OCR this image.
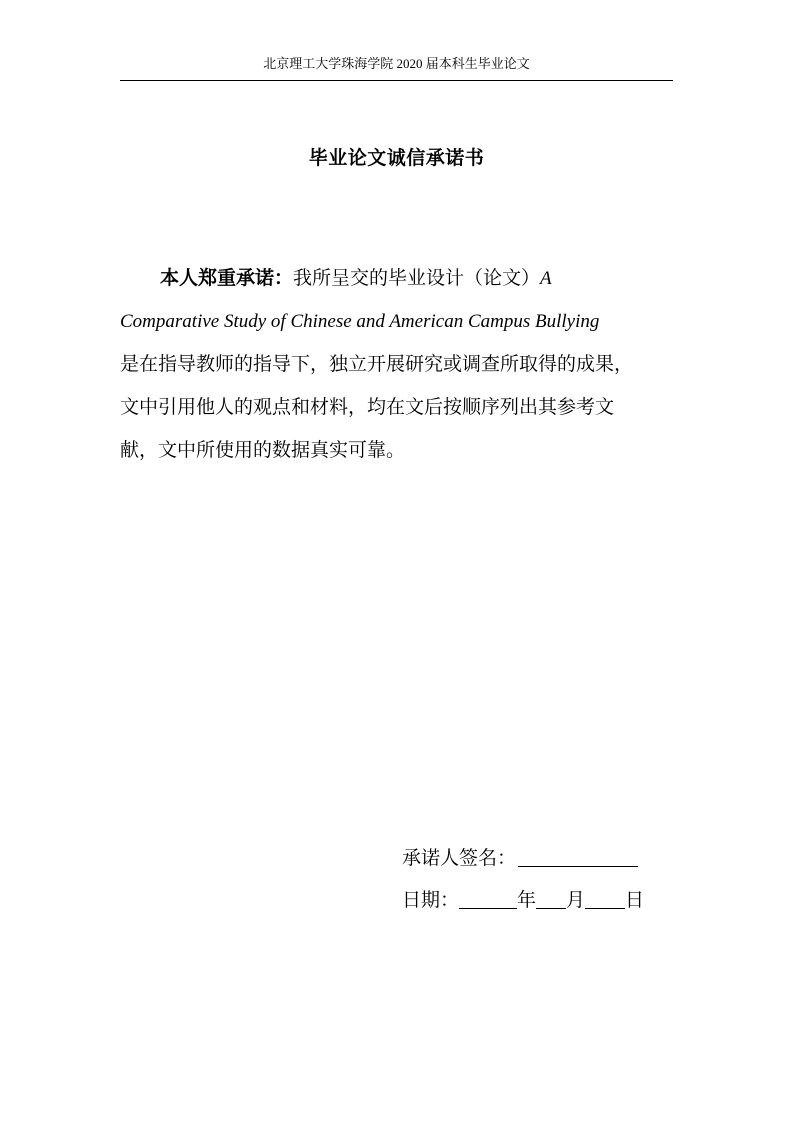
北京理工大学珠海学院 2020 届本科生毕业论文
毕业论文诚信承诺书
本人郑重承诺：我所呈交的毕业设计（论文）A
Comparative Study of Chinese and American Campus Bullying
是在指导教师的指导下，独立开展研究或调查所取得的成果，
文中引用他人的观点和材料，均在文后按顺序列出其参考文
献，文中所使用的数据真实可靠。
承诺人签名：
日期：	年 月 日
